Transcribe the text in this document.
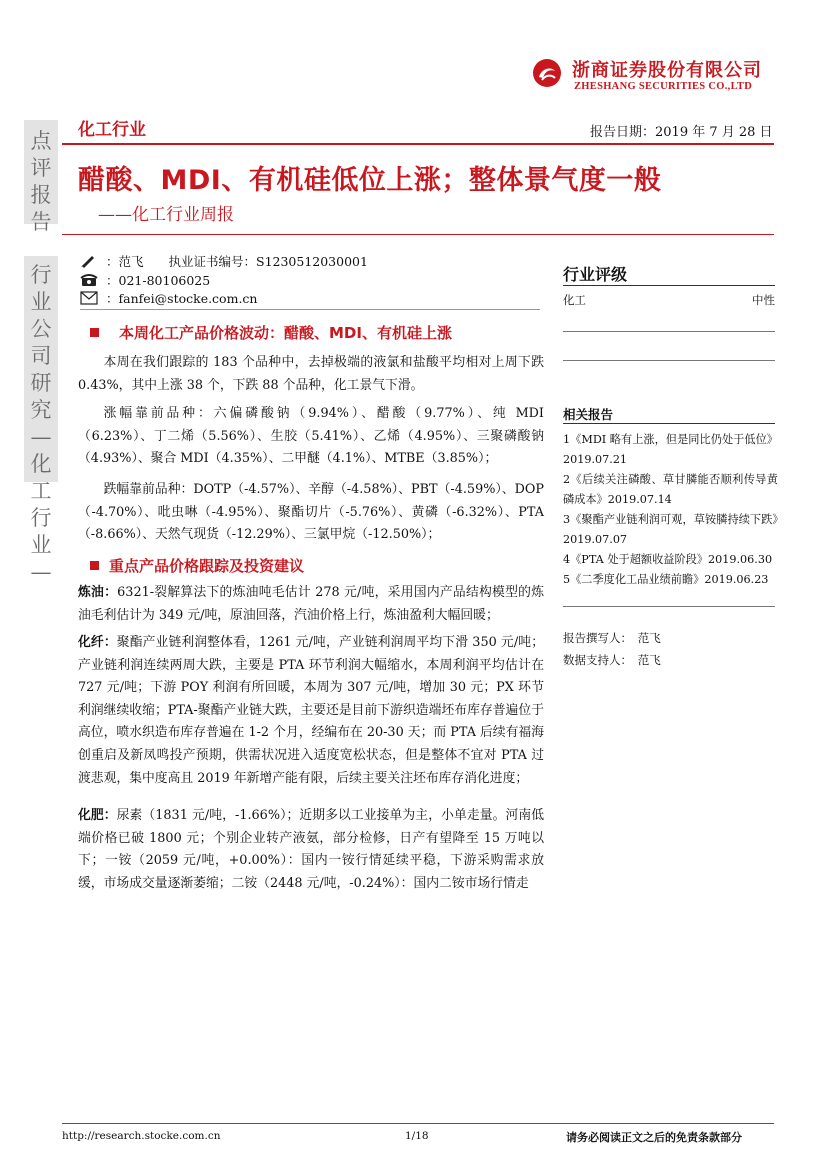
点
评
报
告
行
业
公
司
研
究
—
化
工
行
业
—
浙商证券股份有限公司
ZHESHANG SECURITIES CO.,LTD
化工行业	报告日期：2019 年 7 月 28 日
醋酸、MDI、有机硅低位上涨；整体景气度一般
——化工行业周报
：范飞　　执业证书编号：S1230512030001
：021-80106025
：fanfei@stocke.com.cn
本周化工产品价格波动：醋酸、MDI、有机硅上涨
本周在我们跟踪的 183 个品种中，去掉极端的液氯和盐酸平均相对上周下跌 0.43%，其中上涨 38 个，下跌 88 个品种，化工景气下滑。
涨幅靠前品种：六偏磷酸钠（9.94%）、醋酸（9.77%）、纯 MDI（6.23%）、丁二烯（5.56%）、生胶（5.41%）、乙烯（4.95%）、三聚磷酸钠（4.93%）、聚合 MDI（4.35%）、二甲醚（4.1%）、MTBE（3.85%）；
跌幅靠前品种：DOTP（-4.57%）、辛醇（-4.58%）、PBT（-4.59%）、DOP（-4.70%）、吡虫啉（-4.95%）、聚酯切片（-5.76%）、黄磷（-6.32%）、PTA（-8.66%）、天然气现货（-12.29%）、三氯甲烷（-12.50%）；
重点产品价格跟踪及投资建议
炼油：6321-裂解算法下的炼油吨毛估计 278 元/吨，采用国内产品结构模型的炼油毛利估计为 349 元/吨，原油回落，汽油价格上行，炼油盈利大幅回暖；
化纤：聚酯产业链利润整体看，1261 元/吨，产业链利润周平均下滑 350 元/吨；产业链利润连续两周大跌，主要是 PTA 环节利润大幅缩水，本周利润平均估计在 727 元/吨；下游 POY 利润有所回暖，本周为 307 元/吨，增加 30 元；PX 环节利润继续收缩；PTA-聚酯产业链大跌，主要还是目前下游织造端坯布库存普遍位于高位，喷水织造布库存普遍在 1-2 个月，经编布在 20-30 天；而 PTA 后续有福海创重启及新凤鸣投产预期，供需状况进入适度宽松状态，但是整体不宜对 PTA 过渡悲观，集中度高且 2019 年新增产能有限，后续主要关注坯布库存消化进度；
化肥：尿素（1831 元/吨，-1.66%）；近期多以工业接单为主，小单走量。河南低端价格已破 1800 元；个别企业转产液氨，部分检修，日产有望降至 15 万吨以下；一铵（2059 元/吨，+0.00%）：国内一铵行情延续平稳，下游采购需求放缓，市场成交量逐渐萎缩；二铵（2448 元/吨，-0.24%）：国内二铵市场行情走
行业评级
化工	中性
相关报告
1《MDI 略有上涨，但是同比仍处于低位》2019.07.21
2《后续关注磷酸、草甘膦能否顺利传导黄磷成本》2019.07.14
3《聚酯产业链利润可观，草铵膦持续下跌》2019.07.07
4《PTA 处于超额收益阶段》2019.06.30
5《二季度化工品业绩前瞻》2019.06.23
报告撰写人：　范飞
数据支持人：　范飞
http://research.stocke.com.cn	1/18	请务必阅读正文之后的免责条款部分
